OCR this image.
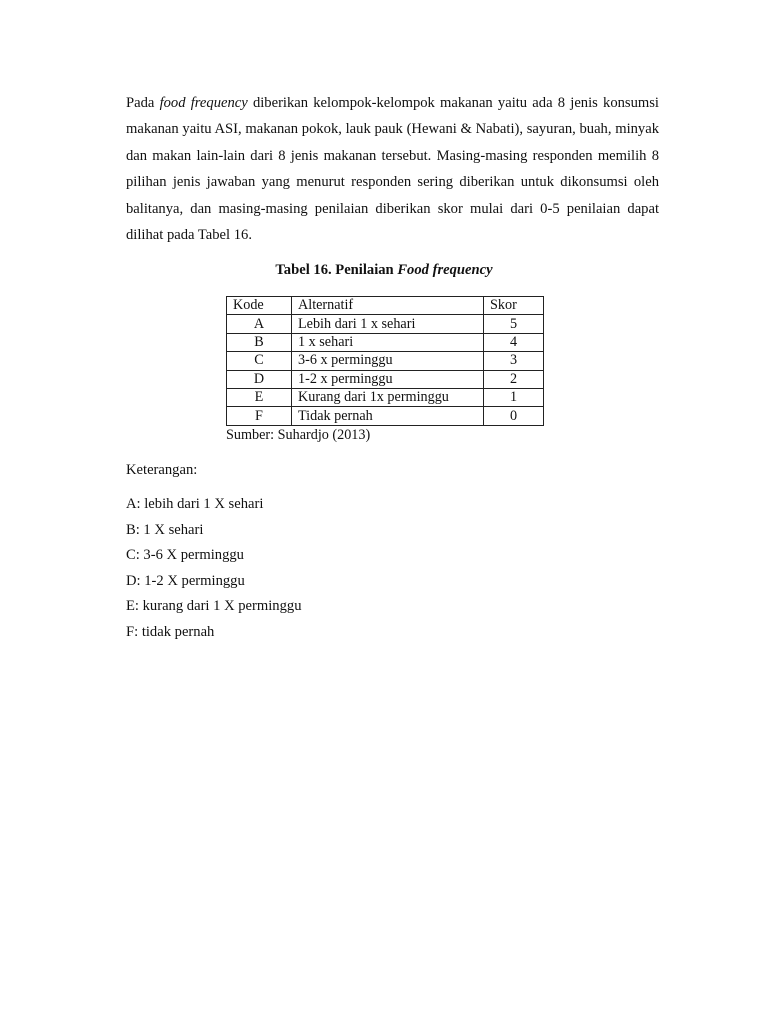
Pada food frequency diberikan kelompok-kelompok makanan yaitu ada 8 jenis konsumsi makanan yaitu ASI, makanan pokok, lauk pauk (Hewani & Nabati), sayuran, buah, minyak dan makan lain-lain dari 8 jenis makanan tersebut. Masing-masing responden memilih 8 pilihan jenis jawaban yang menurut responden sering diberikan untuk dikonsumsi oleh balitanya, dan masing-masing penilaian diberikan skor mulai dari 0-5 penilaian dapat dilihat pada Tabel 16.

Tabel 16. Penilaian Food frequency
Kode	Alternatif	Skor
A	Lebih dari 1 x sehari	5
B	1 x sehari	4
C	3-6 x perminggu	3
D	1-2 x perminggu	2
E	Kurang dari 1x perminggu	1
F	Tidak pernah	0
Sumber: Suhardjo (2013)
Keterangan:
A: lebih dari 1 X sehari
B: 1 X sehari
C: 3-6 X perminggu
D: 1-2 X perminggu
E: kurang dari 1 X perminggu
F: tidak pernah
